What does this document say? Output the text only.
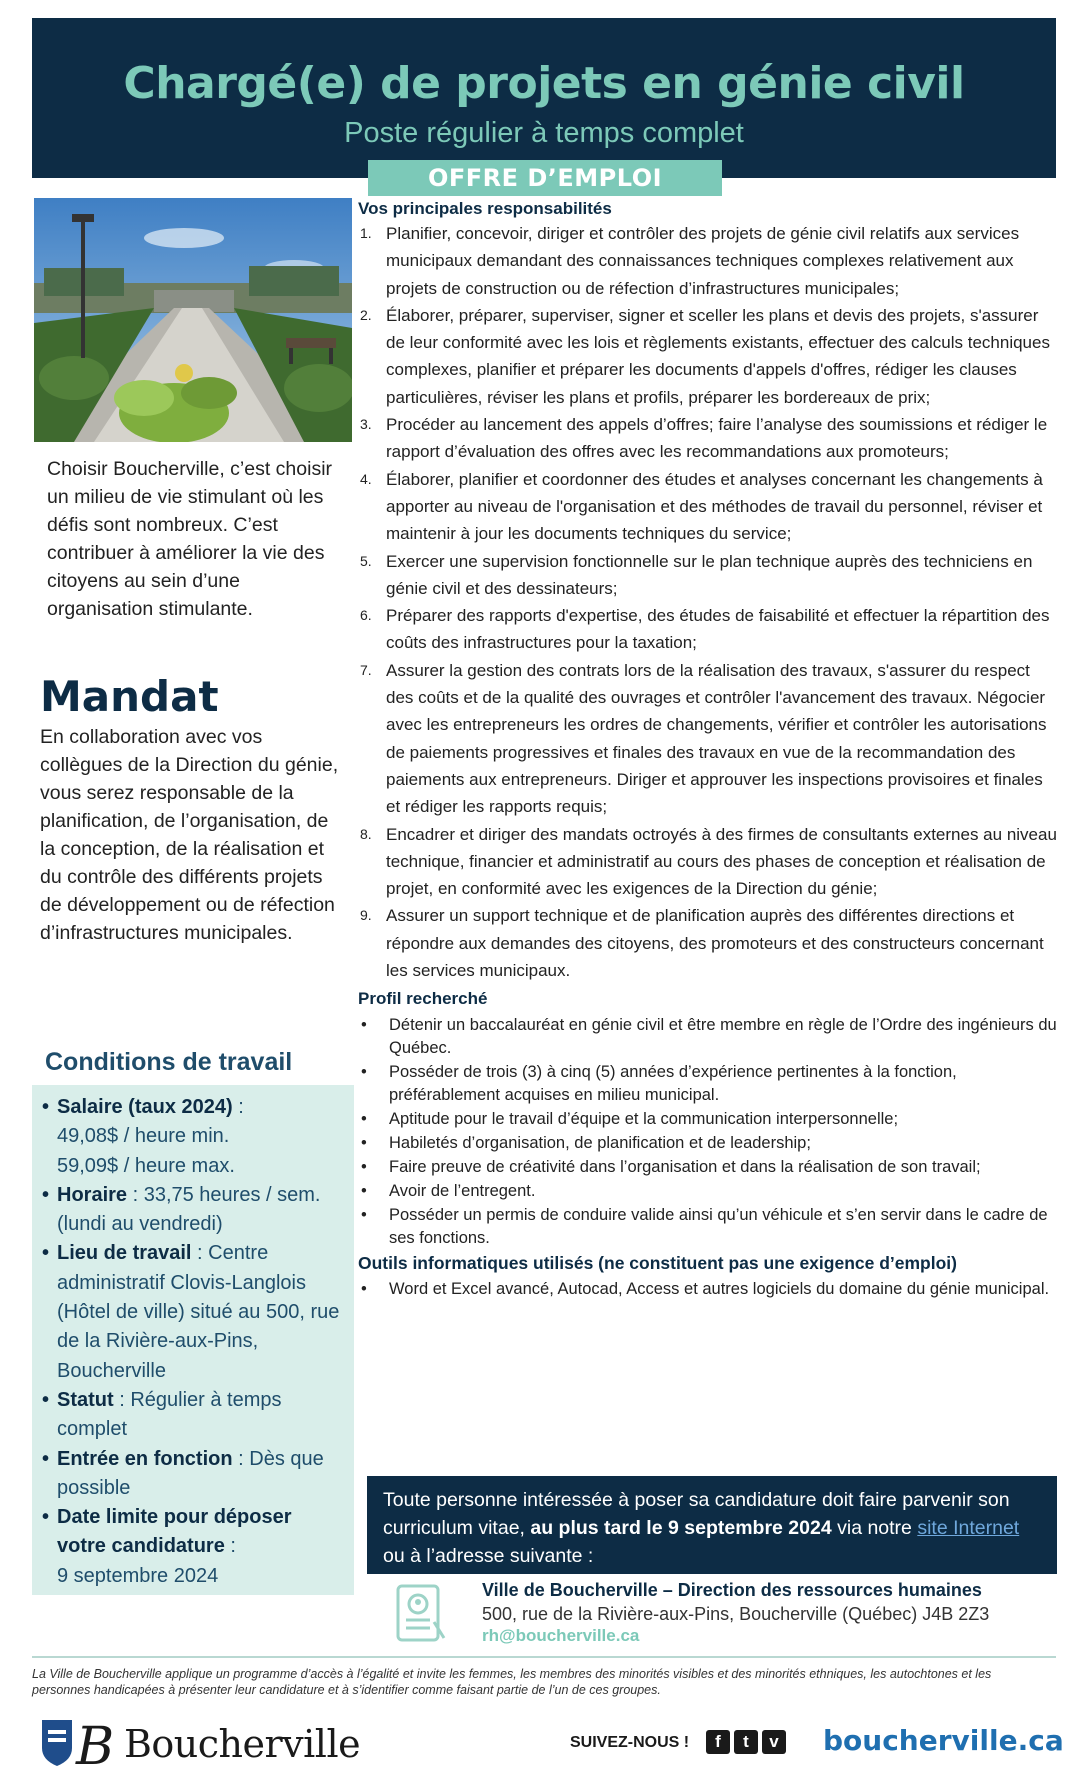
Chargé(e) de projets en génie civil
Poste régulier à temps complet
OFFRE D’EMPLOI

Choisir Boucherville, c’est choisir un milieu de vie stimulant où les défis sont nombreux. C’est contribuer à améliorer la vie des citoyens au sein d’une organisation stimulante.

Mandat

En collaboration avec vos collègues de la Direction du génie, vous serez responsable de la planification, de l’organisation, de la conception, de la réalisation et du contrôle des différents projets de développement ou de réfection d’infrastructures municipales.

Conditions de travail
• Salaire (taux 2024) :
49,08$ / heure min.
59,09$ / heure max.
• Horaire : 33,75 heures / sem. (lundi au vendredi)
• Lieu de travail : Centre administratif Clovis-Langlois (Hôtel de ville) situé au 500, rue de la Rivière-aux-Pins, Boucherville
• Statut : Régulier à temps complet
• Entrée en fonction : Dès que possible
• Date limite pour déposer votre candidature :
9 septembre 2024
Vos principales responsabilités
1. Planifier, concevoir, diriger et contrôler des projets de génie civil relatifs aux services municipaux demandant des connaissances techniques complexes relativement aux projets de construction ou de réfection d’infrastructures municipales;
2. Élaborer, préparer, superviser, signer et sceller les plans et devis des projets, s'assurer de leur conformité avec les lois et règlements existants, effectuer des calculs techniques complexes, planifier et préparer les documents d'appels d'offres, rédiger les clauses particulières, réviser les plans et profils, préparer les bordereaux de prix;
3. Procéder au lancement des appels d’offres; faire l’analyse des soumissions et rédiger le rapport d’évaluation des offres avec les recommandations aux promoteurs;
4. Élaborer, planifier et coordonner des études et analyses concernant les changements à apporter au niveau de l'organisation et des méthodes de travail du personnel, réviser et maintenir à jour les documents techniques du service;
5. Exercer une supervision fonctionnelle sur le plan technique auprès des techniciens en génie civil et des dessinateurs;
6. Préparer des rapports d'expertise, des études de faisabilité et effectuer la répartition des coûts des infrastructures pour la taxation;
7. Assurer la gestion des contrats lors de la réalisation des travaux, s'assurer du respect des coûts et de la qualité des ouvrages et contrôler l'avancement des travaux. Négocier avec les entrepreneurs les ordres de changements, vérifier et contrôler les autorisations de paiements progressives et finales des travaux en vue de la recommandation des paiements aux entrepreneurs. Diriger et approuver les inspections provisoires et finales et rédiger les rapports requis;
8. Encadrer et diriger des mandats octroyés à des firmes de consultants externes au niveau technique, financier et administratif au cours des phases de conception et réalisation de projet, en conformité avec les exigences de la Direction du génie;
9. Assurer un support technique et de planification auprès des différentes directions et répondre aux demandes des citoyens, des promoteurs et des constructeurs concernant les services municipaux.
Profil recherché
• Détenir un baccalauréat en génie civil et être membre en règle de l’Ordre des ingénieurs du Québec.
• Posséder de trois (3) à cinq (5) années d’expérience pertinentes à la fonction, préférablement acquises en milieu municipal.
• Aptitude pour le travail d’équipe et la communication interpersonnelle;
• Habiletés d’organisation, de planification et de leadership;
• Faire preuve de créativité dans l’organisation et dans la réalisation de son travail;
• Avoir de l’entregent.
• Posséder un permis de conduire valide ainsi qu’un véhicule et s’en servir dans le cadre de ses fonctions.
Outils informatiques utilisés (ne constituent pas une exigence d’emploi)
• Word et Excel avancé, Autocad, Access et autres logiciels du domaine du génie municipal.
Toute personne intéressée à poser sa candidature doit faire parvenir son curriculum vitae, au plus tard le 9 septembre 2024 via notre site Internet ou à l’adresse suivante :
Ville de Boucherville – Direction des ressources humaines
500, rue de la Rivière-aux-Pins, Boucherville (Québec) J4B 2Z3
rh@boucherville.ca

La Ville de Boucherville applique un programme d’accès à l’égalité et invite les femmes, les membres des minorités visibles et des minorités ethniques, les autochtones et les personnes handicapées à présenter leur candidature et à s’identifier comme faisant partie de l’un de ces groupes.

B Boucherville	SUIVEZ-NOUS !	f	t	v boucherville.ca
